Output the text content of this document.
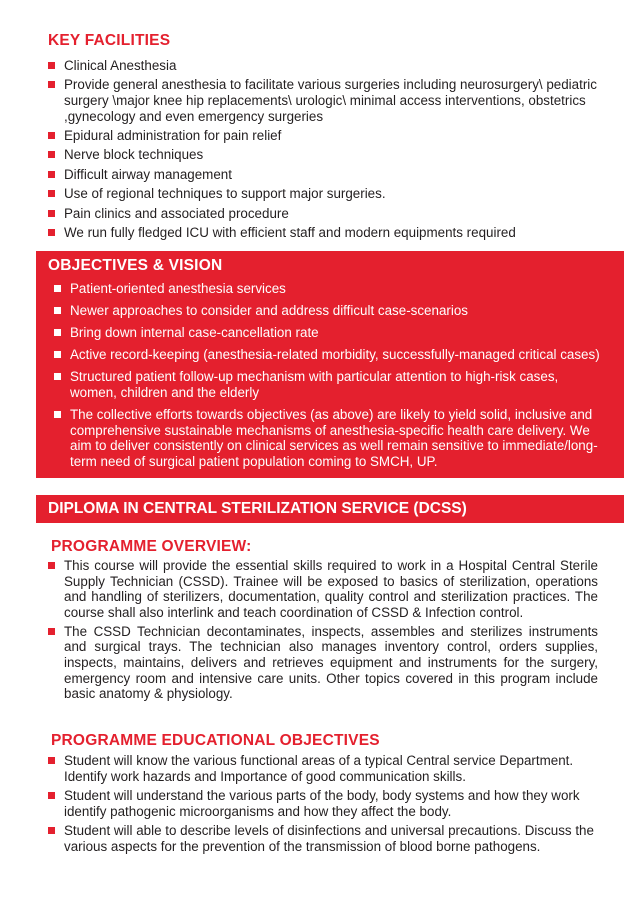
KEY FACILITIES
Clinical Anesthesia
Provide general anesthesia to facilitate various surgeries including neurosurgery\ pediatric surgery \major knee hip replacements\ urologic\ minimal access interventions, obstetrics ,gynecology and even emergency surgeries
Epidural administration for pain relief
Nerve block techniques
Difficult airway management
Use of regional techniques to support major surgeries.
Pain clinics and associated procedure
We run fully fledged ICU with efficient staff and modern equipments required
OBJECTIVES & VISION
Patient-oriented anesthesia services
Newer approaches to consider and address difficult case-scenarios
Bring down internal case-cancellation rate
Active record-keeping (anesthesia-related morbidity, successfully-managed critical cases)
Structured patient follow-up mechanism with particular attention to high-risk cases, women, children and the elderly
The collective efforts towards objectives (as above) are likely to yield solid, inclusive and comprehensive sustainable mechanisms of anesthesia-specific health care delivery. We aim to deliver consistently on clinical services as well remain sensitive to immediate/long-term need of surgical patient population coming to SMCH, UP.
DIPLOMA IN CENTRAL STERILIZATION SERVICE (DCSS)
PROGRAMME OVERVIEW:
This course will provide the essential skills required to work in a Hospital Central Sterile Supply Technician (CSSD). Trainee will be exposed to basics of sterilization, operations and handling of sterilizers, documentation, quality control and sterilization practices. The course shall also interlink and teach coordination of CSSD & Infection control.
The CSSD Technician decontaminates, inspects, assembles and sterilizes instruments and surgical trays. The technician also manages inventory control, orders supplies, inspects, maintains, delivers and retrieves equipment and instruments for the surgery, emergency room and intensive care units. Other topics covered in this program include basic anatomy & physiology.
PROGRAMME EDUCATIONAL OBJECTIVES
Student will know the various functional areas of a typical Central service Department. Identify work hazards and Importance of good communication skills.
Student will understand the various parts of the body, body systems and how they work identify pathogenic microorganisms and how they affect the body.
Student will able to describe levels of disinfections and universal precautions. Discuss the various aspects for the prevention of the transmission of blood borne pathogens.
